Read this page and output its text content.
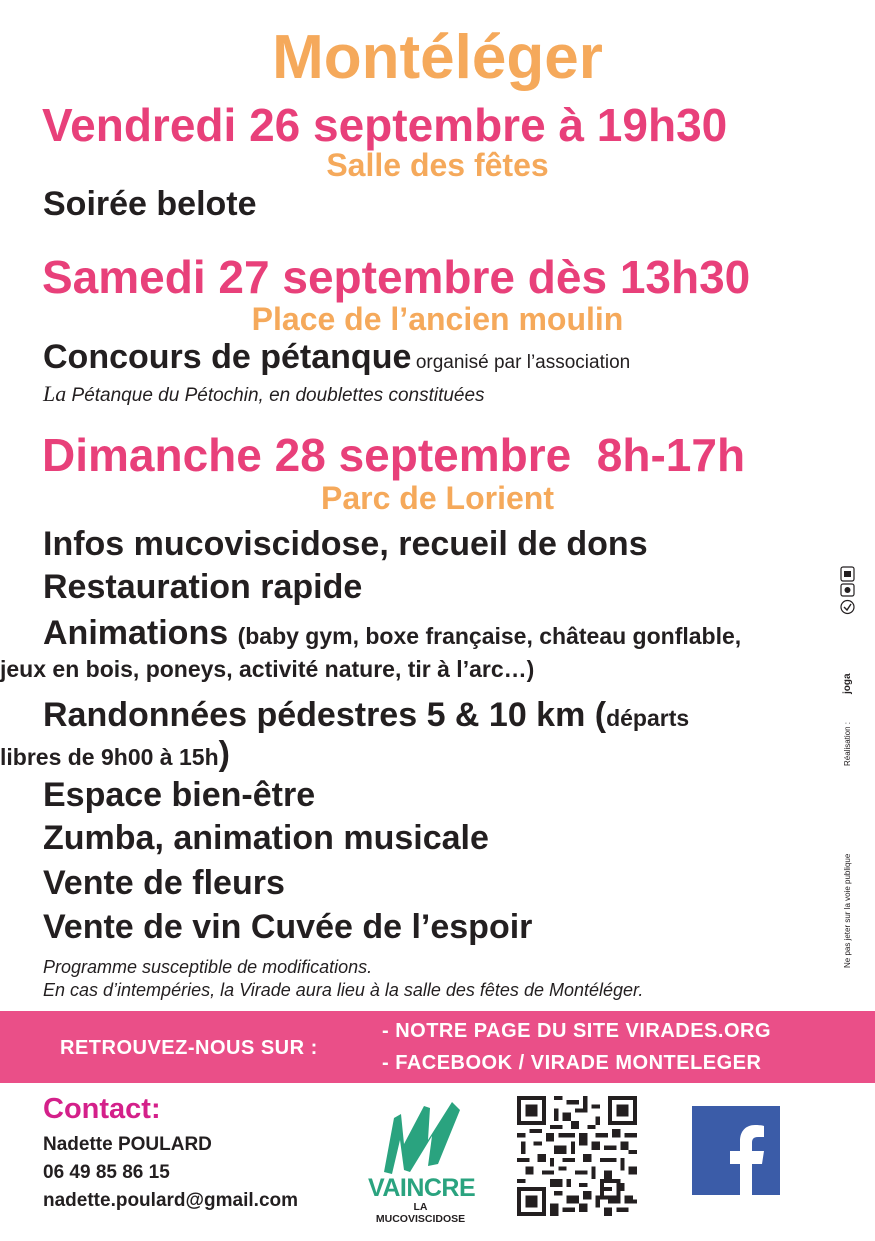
Montéléger
Vendredi 26 septembre à 19h30
Salle des fêtes
Soirée belote
Samedi 27 septembre dès 13h30
Place de l’ancien moulin
Concours de pétanque organisé par l’association
La Pétanque du Pétochin, en doublettes constituées
Dimanche 28 septembre  8h-17h
Parc de Lorient
Infos mucoviscidose, recueil de dons
Restauration rapide
Animations (baby gym, boxe française, château gonflable,
jeux en bois, poneys, activité nature, tir à l’arc…)
Randonnées pédestres 5 & 10 km (départs
libres de 9h00 à 15h)
Espace bien-être
Zumba, animation musicale
Vente de fleurs
Vente de vin Cuvée de l’espoir
Programme susceptible de modifications.
En cas d’intempéries, la Virade aura lieu à la salle des fêtes de Montéléger.
RETROUVEZ-NOUS SUR :
- NOTRE PAGE DU SITE VIRADES.ORG
- FACEBOOK / VIRADE MONTELEGER
Contact:
Nadette POULARD
06 49 85 86 15
nadette.poulard@gmail.com	VAINCRE
LA MUCOVISCIDOSE
joga
Réalisation :
Ne pas jeter sur la voie publique
